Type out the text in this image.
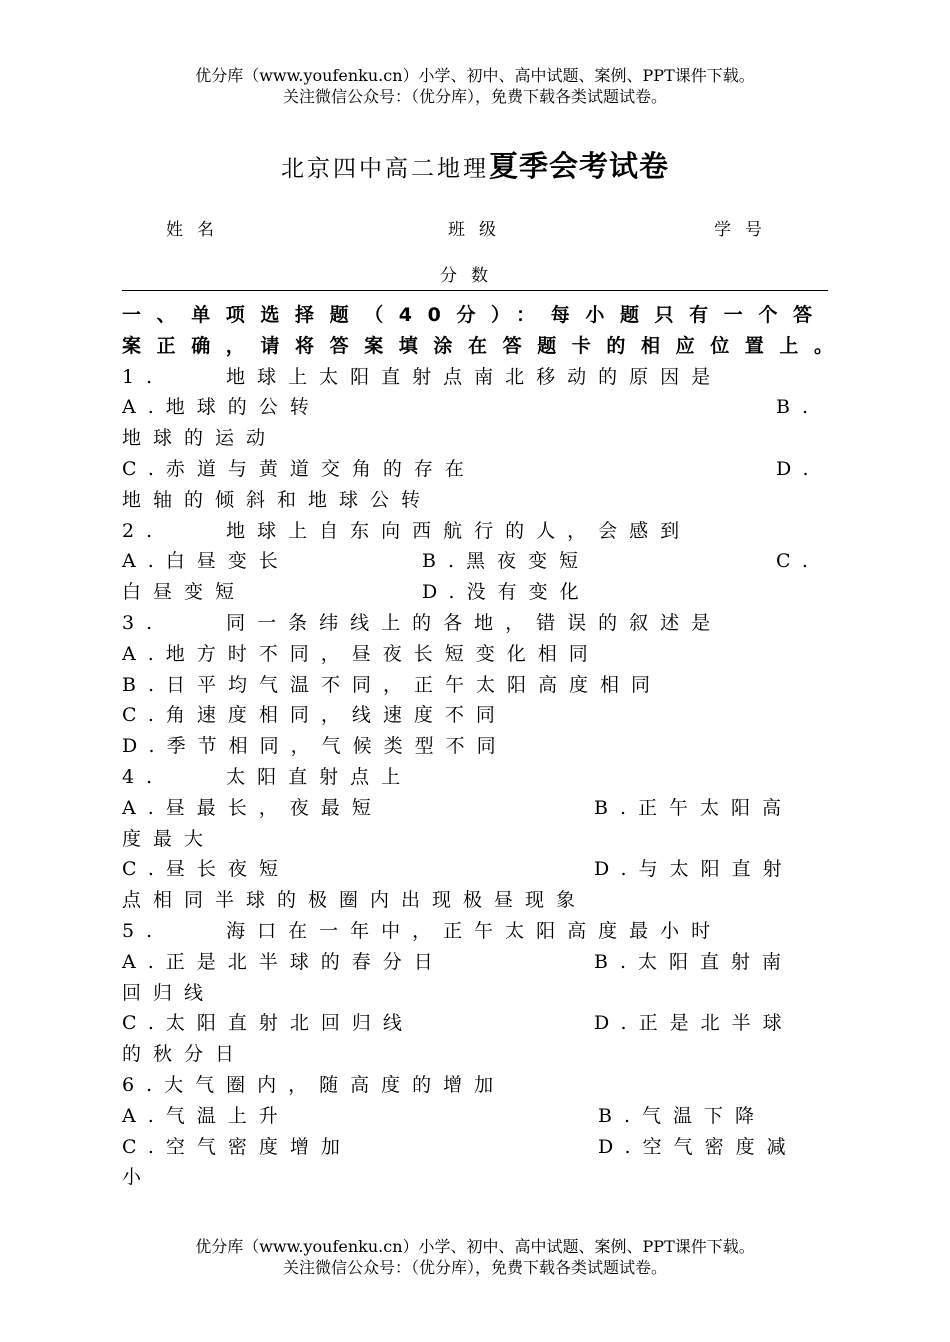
优分库（www.youfenku.cn）小学、初中、高中试题、案例、PPT课件下载。
关注微信公众号：（优分库），免费下载各类试题试卷。
北京四中高二地理夏季会考试卷
姓名	班级	学号
分数
一、单项选择题（40分）：每小题只有一个答
案正确，请将答案填涂在答题卡的相应位置上。
1.　　地球上太阳直射点南北移动的原因是
A.地球的公转	B.
地球的运动
C.赤道与黄道交角的存在	D.
地轴的倾斜和地球公转
2.　　地球上自东向西航行的人，会感到
A.白昼变长	B.黑夜变短	C.
白昼变短	D.没有变化
3.　　同一条纬线上的各地，错误的叙述是
A.地方时不同，昼夜长短变化相同
B.日平均气温不同，正午太阳高度相同
C.角速度相同，线速度不同
D.季节相同，气候类型不同
4.　　太阳直射点上
A.昼最长，夜最短	B.正午太阳高
度最大
C.昼长夜短	D.与太阳直射
点相同半球的极圈内出现极昼现象
5.　　海口在一年中，正午太阳高度最小时
A.正是北半球的春分日	B.太阳直射南
回归线
C.太阳直射北回归线	D.正是北半球
的秋分日
6.大气圈内，随高度的增加
A.气温上升	B.气温下降
C.空气密度增加	D.空气密度减
小
优分库（www.youfenku.cn）小学、初中、高中试题、案例、PPT课件下载。
关注微信公众号：（优分库），免费下载各类试题试卷。
